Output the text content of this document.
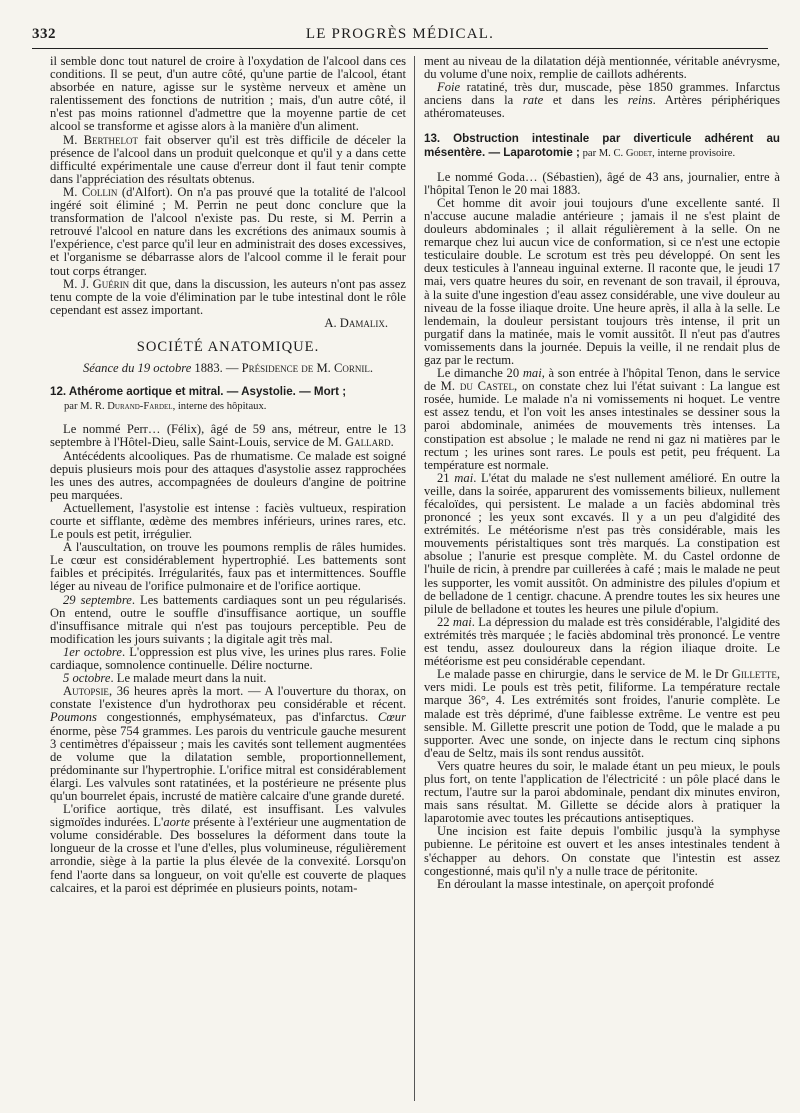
332	LE PROGRÈS MÉDICAL.

il semble donc tout naturel de croire à l'oxydation de l'alcool dans ces conditions. Il se peut, d'un autre côté, qu'une partie de l'alcool, étant absorbée en nature, agisse sur le système nerveux et amène un ralentissement des fonctions de nutrition ; mais, d'un autre côté, il n'est pas moins rationnel d'admettre que la moyenne partie de cet alcool se transforme et agisse alors à la manière d'un aliment.

M. Berthelot fait observer qu'il est très difficile de déceler la présence de l'alcool dans un produit quelconque et qu'il y a dans cette difficulté expérimentale une cause d'erreur dont il faut tenir compte dans l'appréciation des résultats obtenus.

M. Collin (d'Alfort). On n'a pas prouvé que la totalité de l'alcool ingéré soit éliminé ; M. Perrin ne peut donc conclure que la transformation de l'alcool n'existe pas. Du reste, si M. Perrin a retrouvé l'alcool en nature dans les excrétions des animaux soumis à l'expérience, c'est parce qu'il leur en administrait des doses excessives, et l'organisme se débarrasse alors de l'alcool comme il le ferait pour tout corps étranger.

M. J. Guérin dit que, dans la discussion, les auteurs n'ont pas assez tenu compte de la voie d'élimination par le tube intestinal dont le rôle cependant est assez important.

A. Damalix.

SOCIÉTÉ ANATOMIQUE.

Séance du 19 octobre 1883. — Présidence de M. Cornil.

12. Athérome aortique et mitral. — Asystolie. — Mort ;

par M. R. Durand-Fardel, interne des hôpitaux.

Le nommé Perr… (Félix), âgé de 59 ans, métreur, entre le 13 septembre à l'Hôtel-Dieu, salle Saint-Louis, service de M. Gallard.

Antécédents alcooliques. Pas de rhumatisme. Ce malade est soigné depuis plusieurs mois pour des attaques d'asystolie assez rapprochées les unes des autres, accompagnées de douleurs d'angine de poitrine peu marquées.

Actuellement, l'asystolie est intense : faciès vultueux, respiration courte et sifflante, œdème des membres inférieurs, urines rares, etc. Le pouls est petit, irrégulier.

A l'auscultation, on trouve les poumons remplis de râles humides. Le cœur est considérablement hypertrophié. Les battements sont faibles et précipités. Irrégularités, faux pas et intermittences. Souffle léger au niveau de l'orifice pulmonaire et de l'orifice aortique.

29 septembre. Les battements cardiaques sont un peu régularisés. On entend, outre le souffle d'insuffisance aortique, un souffle d'insuffisance mitrale qui n'est pas toujours perceptible. Peu de modification les jours suivants ; la digitale agit très mal.

1er octobre. L'oppression est plus vive, les urines plus rares. Folie cardiaque, somnolence continuelle. Délire nocturne.

5 octobre. Le malade meurt dans la nuit.

Autopsie, 36 heures après la mort. — A l'ouverture du thorax, on constate l'existence d'un hydrothorax peu considérable et récent. Poumons congestionnés, emphysémateux, pas d'infarctus. Cœur énorme, pèse 754 grammes. Les parois du ventricule gauche mesurent 3 centimètres d'épaisseur ; mais les cavités sont tellement augmentées de volume que la dilatation semble, proportionnellement, prédominante sur l'hypertrophie. L'orifice mitral est considérablement élargi. Les valvules sont ratatinées, et la postérieure ne présente plus qu'un bourrelet épais, incrusté de matière calcaire d'une grande dureté.

L'orifice aortique, très dilaté, est insuffisant. Les valvules sigmoïdes indurées. L'aorte présente à l'extérieur une augmentation de volume considérable. Des bosselures la déforment dans toute la longueur de la crosse et l'une d'elles, plus volumineuse, régulièrement arrondie, siège à la partie la plus élevée de la convexité. Lorsqu'on fend l'aorte dans sa longueur, on voit qu'elle est couverte de plaques calcaires, et la paroi est déprimée en plusieurs points, notam-

ment au niveau de la dilatation déjà mentionnée, véritable anévrysme, du volume d'une noix, remplie de caillots adhérents.

Foie ratatiné, très dur, muscade, pèse 1850 grammes. Infarctus anciens dans la rate et dans les reins. Artères périphériques athéromateuses.

13. Obstruction intestinale par diverticule adhérent au mésentère. — Laparotomie ; par M. C. Godet, interne provisoire.

Le nommé Goda… (Sébastien), âgé de 43 ans, journalier, entre à l'hôpital Tenon le 20 mai 1883.

Cet homme dit avoir joui toujours d'une excellente santé. Il n'accuse aucune maladie antérieure ; jamais il ne s'est plaint de douleurs abdominales ; il allait régulièrement à la selle. On ne remarque chez lui aucun vice de conformation, si ce n'est une ectopie testiculaire double. Le scrotum est très peu développé. On sent les deux testicules à l'anneau inguinal externe. Il raconte que, le jeudi 17 mai, vers quatre heures du soir, en revenant de son travail, il éprouva, à la suite d'une ingestion d'eau assez considérable, une vive douleur au niveau de la fosse iliaque droite. Une heure après, il alla à la selle. Le lendemain, la douleur persistant toujours très intense, il prit un purgatif dans la matinée, mais le vomit aussitôt. Il n'eut pas d'autres vomissements dans la journée. Depuis la veille, il ne rendait plus de gaz par le rectum.

Le dimanche 20 mai, à son entrée à l'hôpital Tenon, dans le service de M. du Castel, on constate chez lui l'état suivant : La langue est rosée, humide. Le malade n'a ni vomissements ni hoquet. Le ventre est assez tendu, et l'on voit les anses intestinales se dessiner sous la paroi abdominale, animées de mouvements très intenses. La constipation est absolue ; le malade ne rend ni gaz ni matières par le rectum ; les urines sont rares. Le pouls est petit, peu fréquent. La température est normale.

21 mai. L'état du malade ne s'est nullement amélioré. En outre la veille, dans la soirée, apparurent des vomissements bilieux, nullement fécaloïdes, qui persistent. Le malade a un faciès abdominal très prononcé ; les yeux sont excavés. Il y a un peu d'algidité des extrémités. Le météorisme n'est pas très considérable, mais les mouvements péristaltiques sont très marqués. La constipation est absolue ; l'anurie est presque complète. M. du Castel ordonne de l'huile de ricin, à prendre par cuillerées à café ; mais le malade ne peut les supporter, les vomit aussitôt. On administre des pilules d'opium et de belladone de 1 centigr. chacune. A prendre toutes les six heures une pilule de belladone et toutes les heures une pilule d'opium.

22 mai. La dépression du malade est très considérable, l'algidité des extrémités très marquée ; le faciès abdominal très prononcé. Le ventre est tendu, assez douloureux dans la région iliaque droite. Le météorisme est peu considérable cependant.

Le malade passe en chirurgie, dans le service de M. le Dr Gillette, vers midi. Le pouls est très petit, filiforme. La température rectale marque 36°, 4. Les extrémités sont froides, l'anurie complète. Le malade est très déprimé, d'une faiblesse extrême. Le ventre est peu sensible. M. Gillette prescrit une potion de Todd, que le malade a pu supporter. Avec une sonde, on injecte dans le rectum cinq siphons d'eau de Seltz, mais ils sont rendus aussitôt.

Vers quatre heures du soir, le malade étant un peu mieux, le pouls plus fort, on tente l'application de l'électricité : un pôle placé dans le rectum, l'autre sur la paroi abdominale, pendant dix minutes environ, mais sans résultat. M. Gillette se décide alors à pratiquer la laparotomie avec toutes les précautions antiseptiques.

Une incision est faite depuis l'ombilic jusqu'à la symphyse pubienne. Le péritoine est ouvert et les anses intestinales tendent à s'échapper au dehors. On constate que l'intestin est assez congestionné, mais qu'il n'y a nulle trace de péritonite.

En déroulant la masse intestinale, on aperçoit profondé
